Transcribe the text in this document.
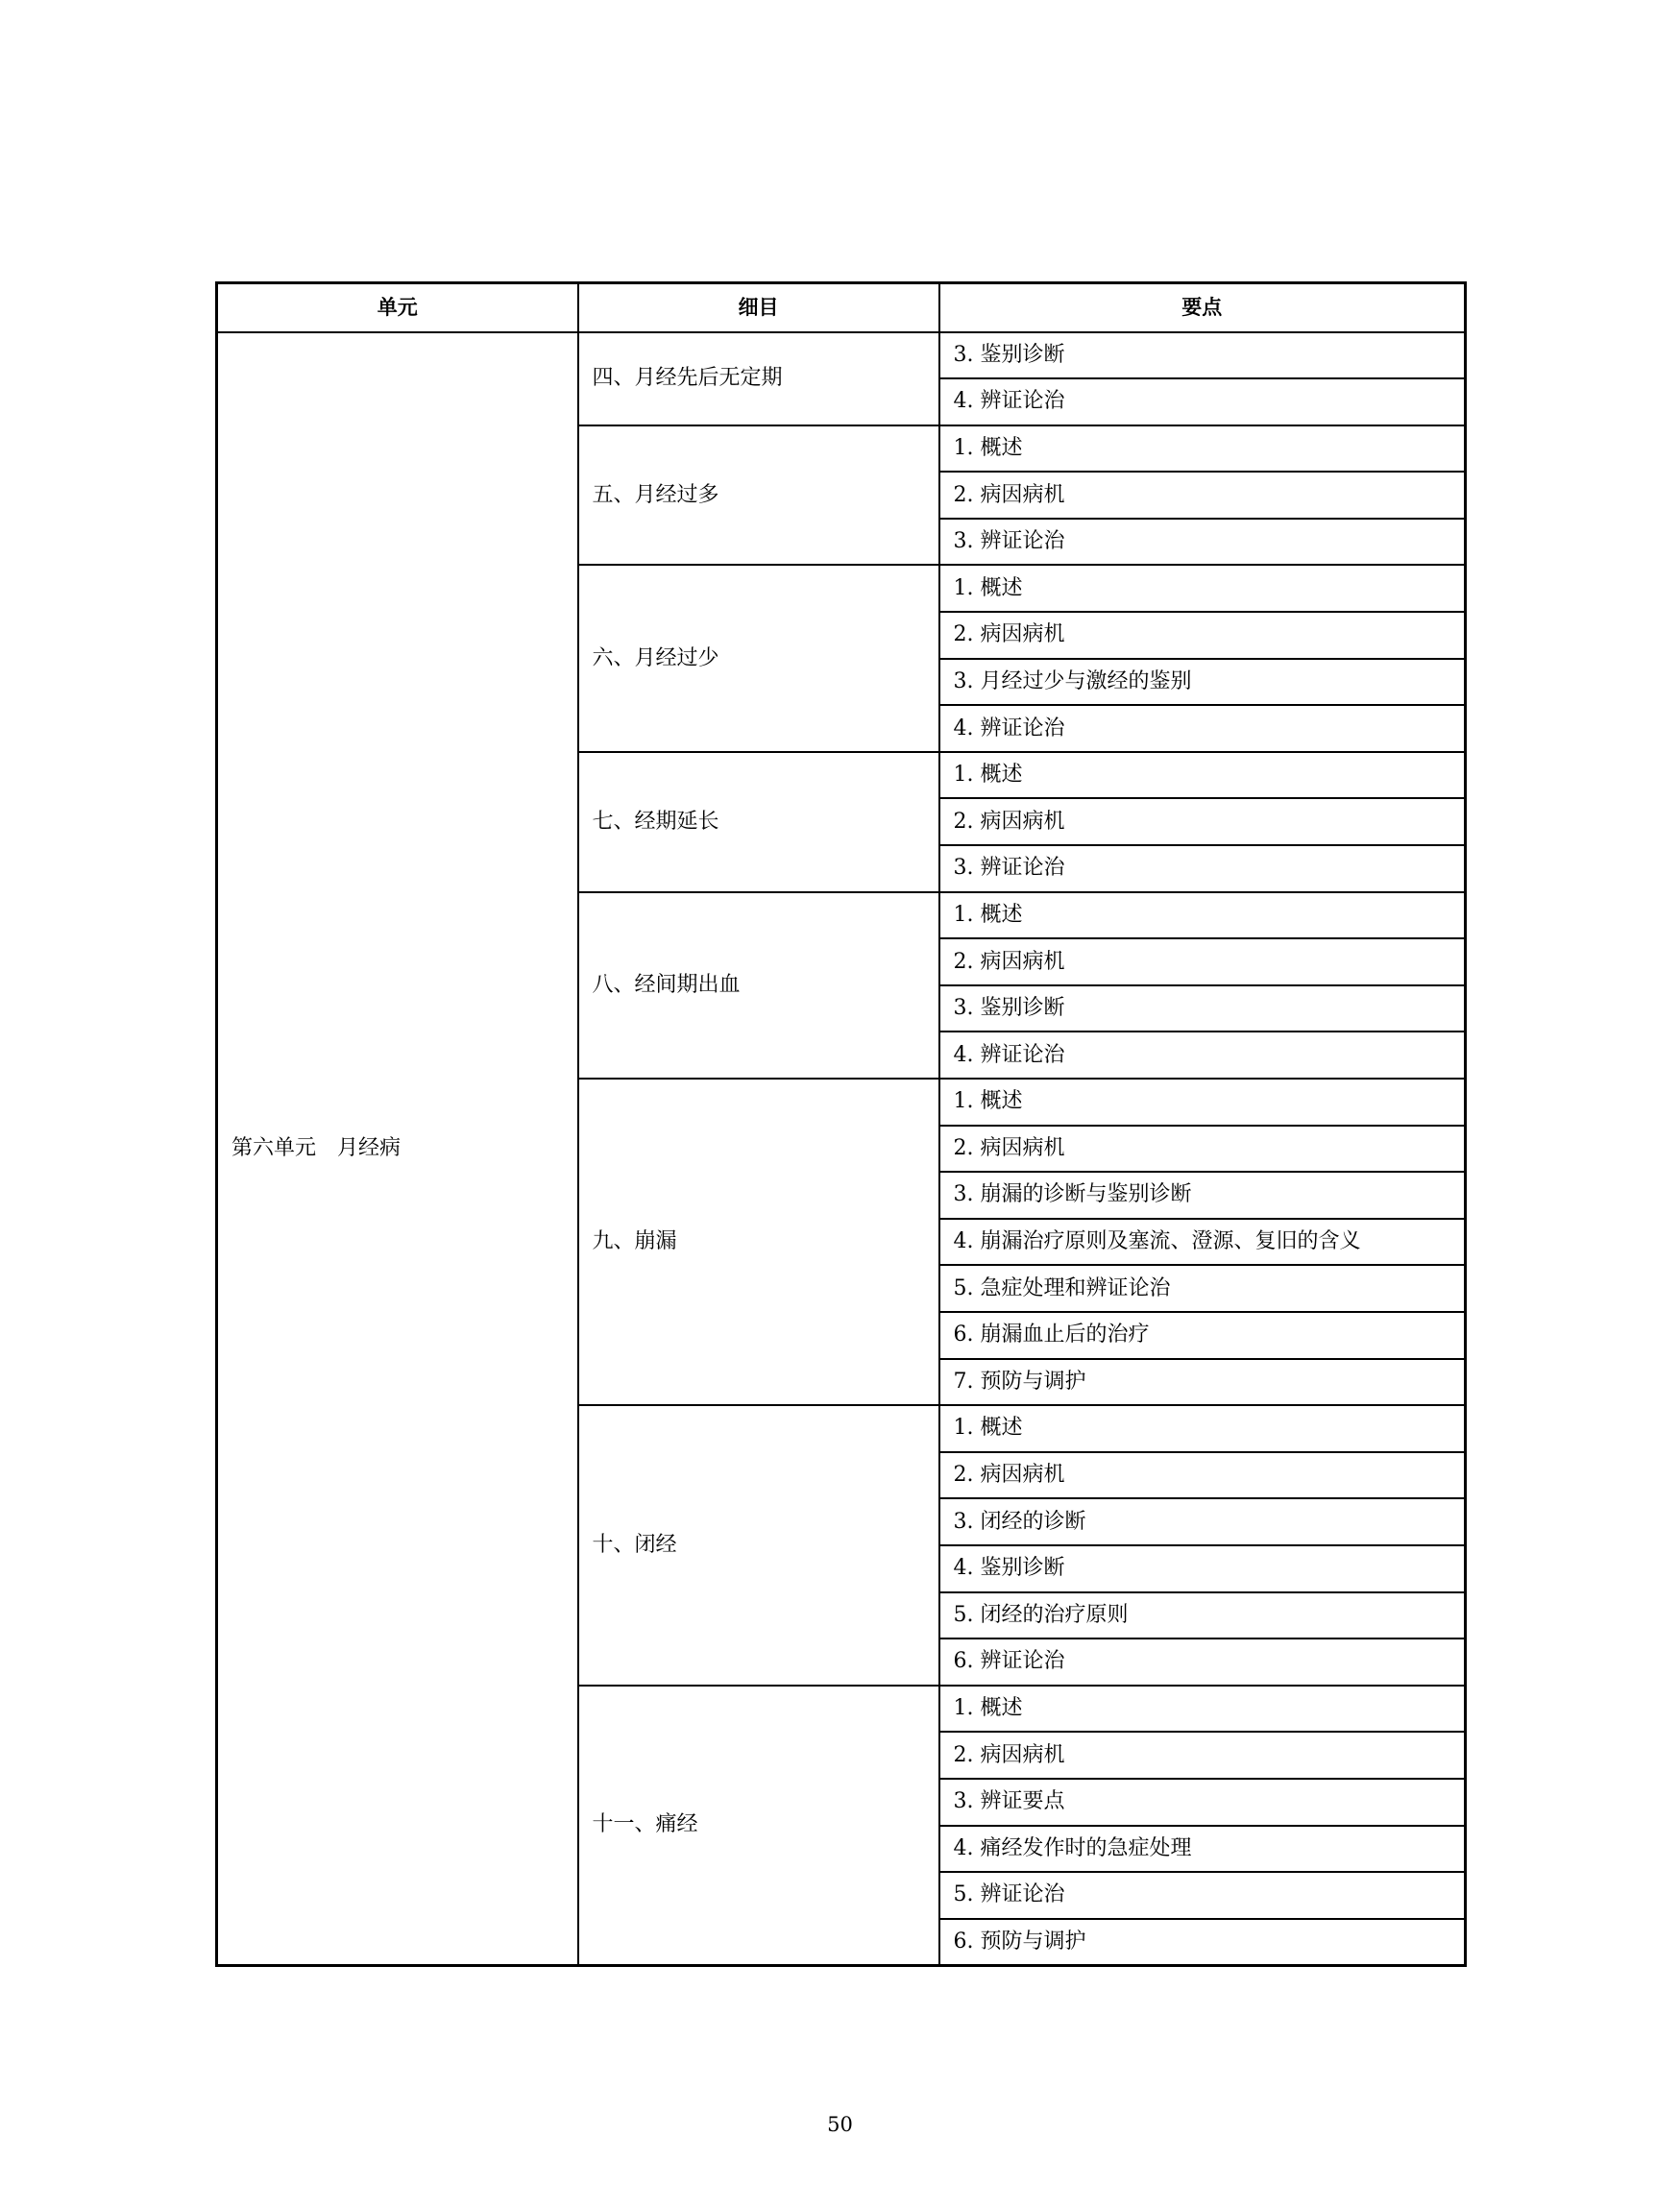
单元	细目	要点
第六单元　月经病	四、月经先后无定期	3. 鉴别诊断
		4. 辨证论治
	五、月经过多	1. 概述
		2. 病因病机
		3. 辨证论治
	六、月经过少	1. 概述
		2. 病因病机
		3. 月经过少与激经的鉴别
		4. 辨证论治
	七、经期延长	1. 概述
		2. 病因病机
		3. 辨证论治
	八、经间期出血	1. 概述
		2. 病因病机
		3. 鉴别诊断
		4. 辨证论治
	九、崩漏	1. 概述
		2. 病因病机
		3. 崩漏的诊断与鉴别诊断
		4. 崩漏治疗原则及塞流、澄源、复旧的含义
		5. 急症处理和辨证论治
		6. 崩漏血止后的治疗
		7. 预防与调护
	十、闭经	1. 概述
		2. 病因病机
		3. 闭经的诊断
		4. 鉴别诊断
		5. 闭经的治疗原则
		6. 辨证论治
	十一、痛经	1. 概述
		2. 病因病机
		3. 辨证要点
		4. 痛经发作时的急症处理
		5. 辨证论治
		6. 预防与调护
50
